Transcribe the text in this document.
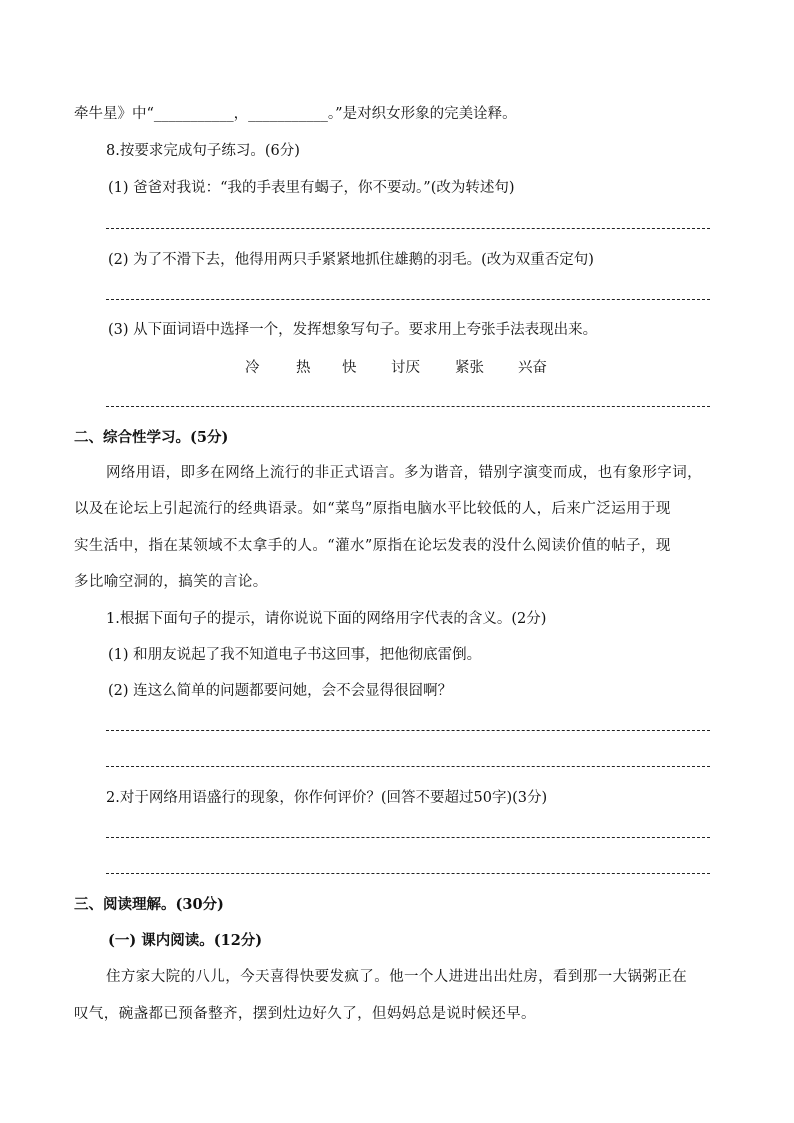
牵牛星》中“___________，___________。”是对织女形象的完美诠释。
8.按要求完成句子练习。(6分)
(1) 爸爸对我说：“我的手表里有蝎子，你不要动。”(改为转述句)
(2) 为了不滑下去，他得用两只手紧紧地抓住雄鹅的羽毛。(改为双重否定句)
(3) 从下面词语中选择一个，发挥想象写句子。要求用上夸张手法表现出来。
冷	热 快 讨厌 紧张 兴奋
二、综合性学习。(5分)
网络用语，即多在网络上流行的非正式语言。多为谐音，错别字演变而成，也有象形字词，
以及在论坛上引起流行的经典语录。如“菜鸟”原指电脑水平比较低的人，后来广泛运用于现
实生活中，指在某领域不太拿手的人。“灌水”原指在论坛发表的没什么阅读价值的帖子，现
多比喻空洞的，搞笑的言论。
1.根据下面句子的提示，请你说说下面的网络用字代表的含义。(2分)
(1) 和朋友说起了我不知道电子书这回事，把他彻底雷倒。
(2) 连这么简单的问题都要问她，会不会显得很囧啊？
2.对于网络用语盛行的现象，你作何评价？(回答不要超过50字)(3分)
三、阅读理解。(30分)
(一) 课内阅读。(12分)
住方家大院的八儿，今天喜得快要发疯了。他一个人进进出出灶房，看到那一大锅粥正在
叹气，碗盏都已预备整齐，摆到灶边好久了，但妈妈总是说时候还早。
